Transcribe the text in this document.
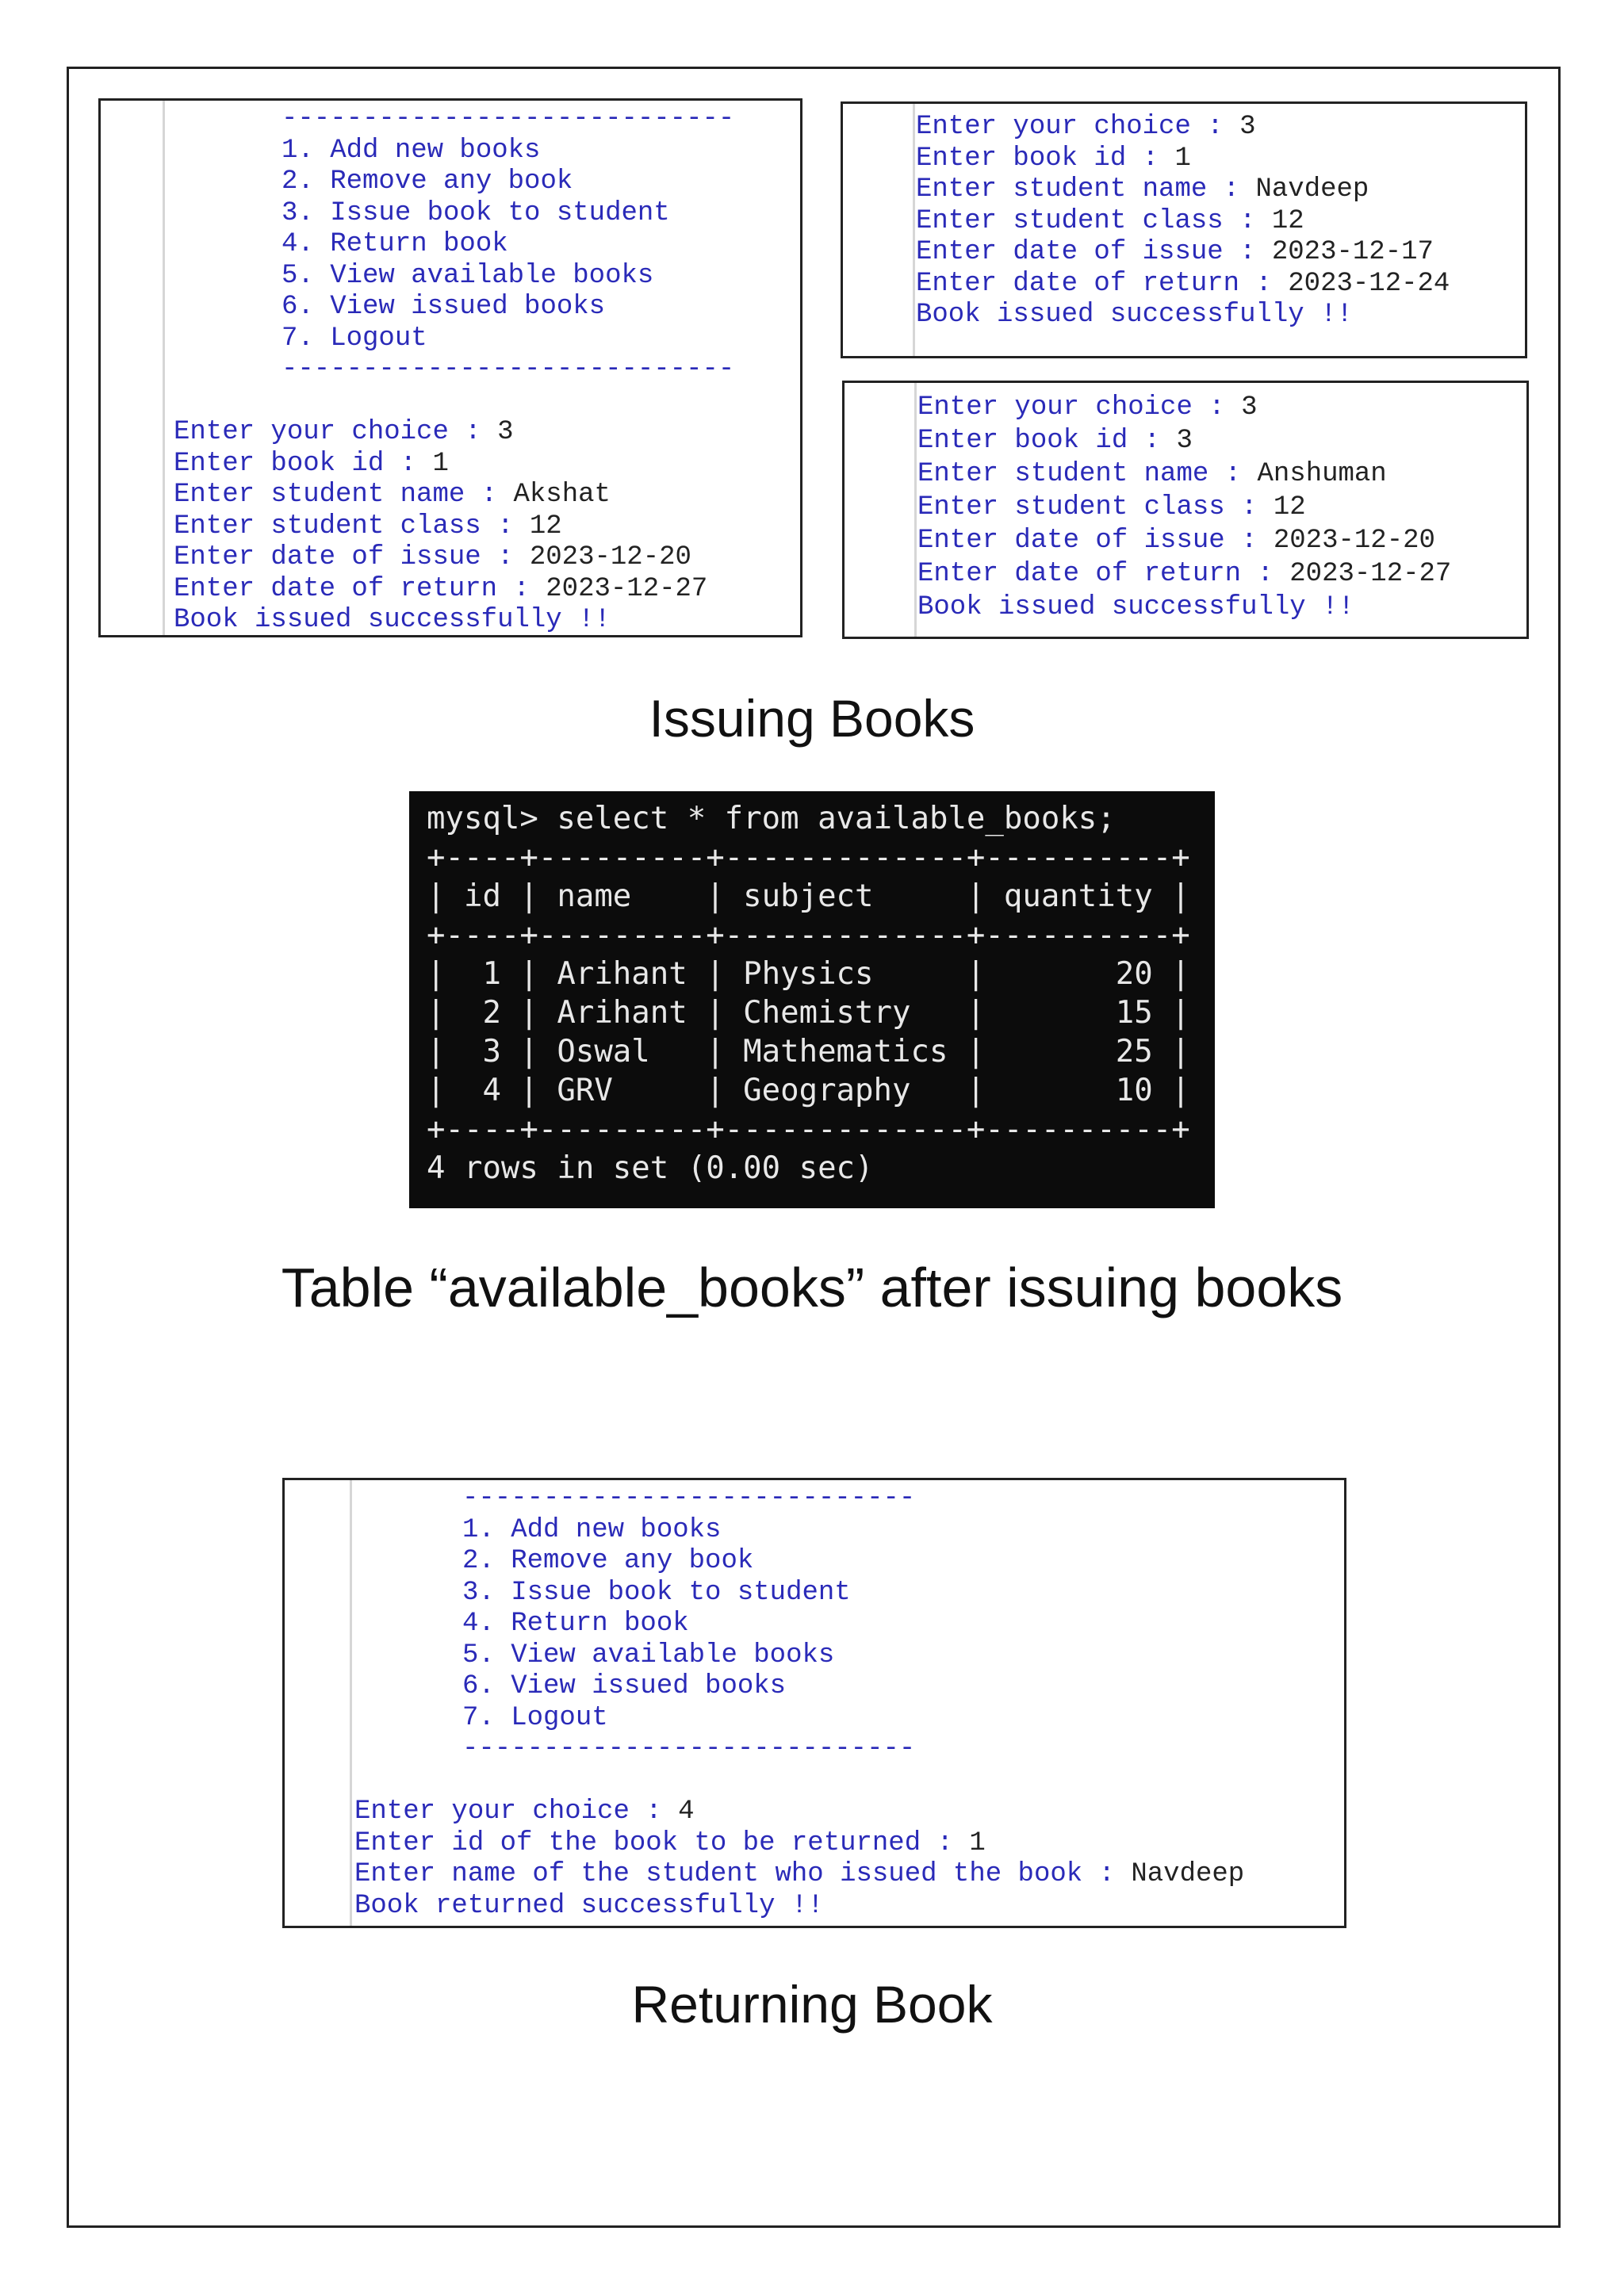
----------------------------
1. Add new books
2. Remove any book
3. Issue book to student
4. Return book
5. View available books
6. View issued books
7. Logout
----------------------------

Enter your choice : 3
Enter book id : 1
Enter student name : Akshat
Enter student class : 12
Enter date of issue : 2023-12-20
Enter date of return : 2023-12-27
Book issued successfully !!
Enter your choice : 3
Enter book id : 1
Enter student name : Navdeep
Enter student class : 12
Enter date of issue : 2023-12-17
Enter date of return : 2023-12-24
Book issued successfully !!
Enter your choice : 3
Enter book id : 3
Enter student name : Anshuman
Enter student class : 12
Enter date of issue : 2023-12-20
Enter date of return : 2023-12-27
Book issued successfully !!
Issuing Books
mysql> select * from available_books;
+----+---------+-------------+----------+
| id | name    | subject     | quantity |
+----+---------+-------------+----------+
|  1 | Arihant | Physics     |       20 |
|  2 | Arihant | Chemistry   |       15 |
|  3 | Oswal   | Mathematics |       25 |
|  4 | GRV     | Geography   |       10 |
+----+---------+-------------+----------+
4 rows in set (0.00 sec)
Table “available_books” after issuing books
----------------------------
1. Add new books
2. Remove any book
3. Issue book to student
4. Return book
5. View available books
6. View issued books
7. Logout
----------------------------

Enter your choice : 4
Enter id of the book to be returned : 1
Enter name of the student who issued the book : Navdeep
Book returned successfully !!
Returning Book
